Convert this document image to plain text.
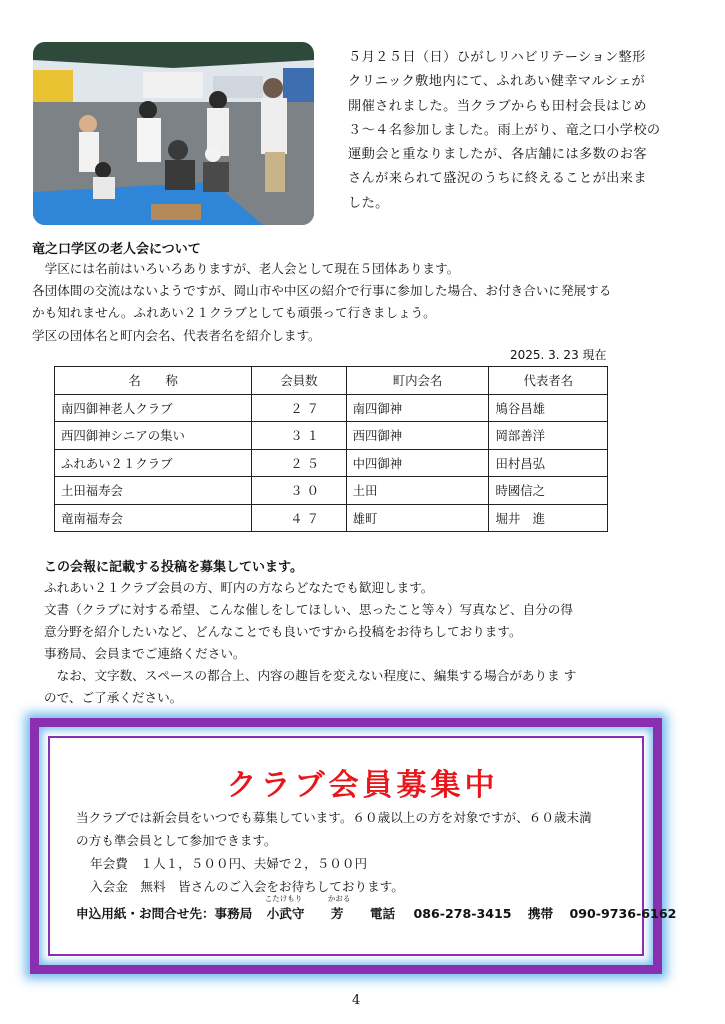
５月２５日（日）ひがしリハビリテーション整形

クリニック敷地内にて、ふれあい健幸マルシェが

開催されました。当クラブからも田村会長はじめ

３～４名参加しました。雨上がり、竜之口小学校の

運動会と重なりましたが、各店舗には多数のお客

さんが来られて盛況のうちに終えることが出来ま

した。

竜之口学区の老人会について

　学区には名前はいろいろありますが、老人会として現在５団体あります。

各団体間の交流はないようですが、岡山市や中区の紹介で行事に参加した場合、お付き合いに発展する

かも知れません。ふれあい２１クラブとしても頑張って行きましょう。

学区の団体名と町内会名、代表者名を紹介します。

2025. 3. 23 現在
名　　称	会員数	町内会名	代表者名
南四御神老人クラブ	２７	南四御神	鳩谷昌雄
西四御神シニアの集い	３１	西四御神	岡部善洋
ふれあい２１クラブ	２５	中四御神	田村昌弘
土田福寿会	３０	土田	時國信之
竜南福寿会	４７	雄町	堀井　進
この会報に記載する投稿を募集しています。

ふれあい２１クラブ会員の方、町内の方ならどなたでも歓迎します。

文書（クラブに対する希望、こんな催しをしてほしい、思ったこと等々）写真など、自分の得

意分野を紹介したいなど、どんなことでも良いですから投稿をお待ちしております。

事務局、会員までご連絡ください。

なお、文字数、スペースの都合上、内容の趣旨を変えない程度に、編集する場合がありま す

ので、ご了承ください。

クラブ会員募集中

当クラブでは新会員をいつでも募集しています。６０歳以上の方を対象ですが、６０歳未満

の方も準会員として参加できます。

年会費　１人１，５００円、夫婦で２，５００円

入会金　無料　皆さんのご入会をお待ちしております。

申込用紙・お問合せ先：事務局
こたけもり
小武守
かおる
芳 電話 086-278-3415 携帯 090-9736-6162
4
